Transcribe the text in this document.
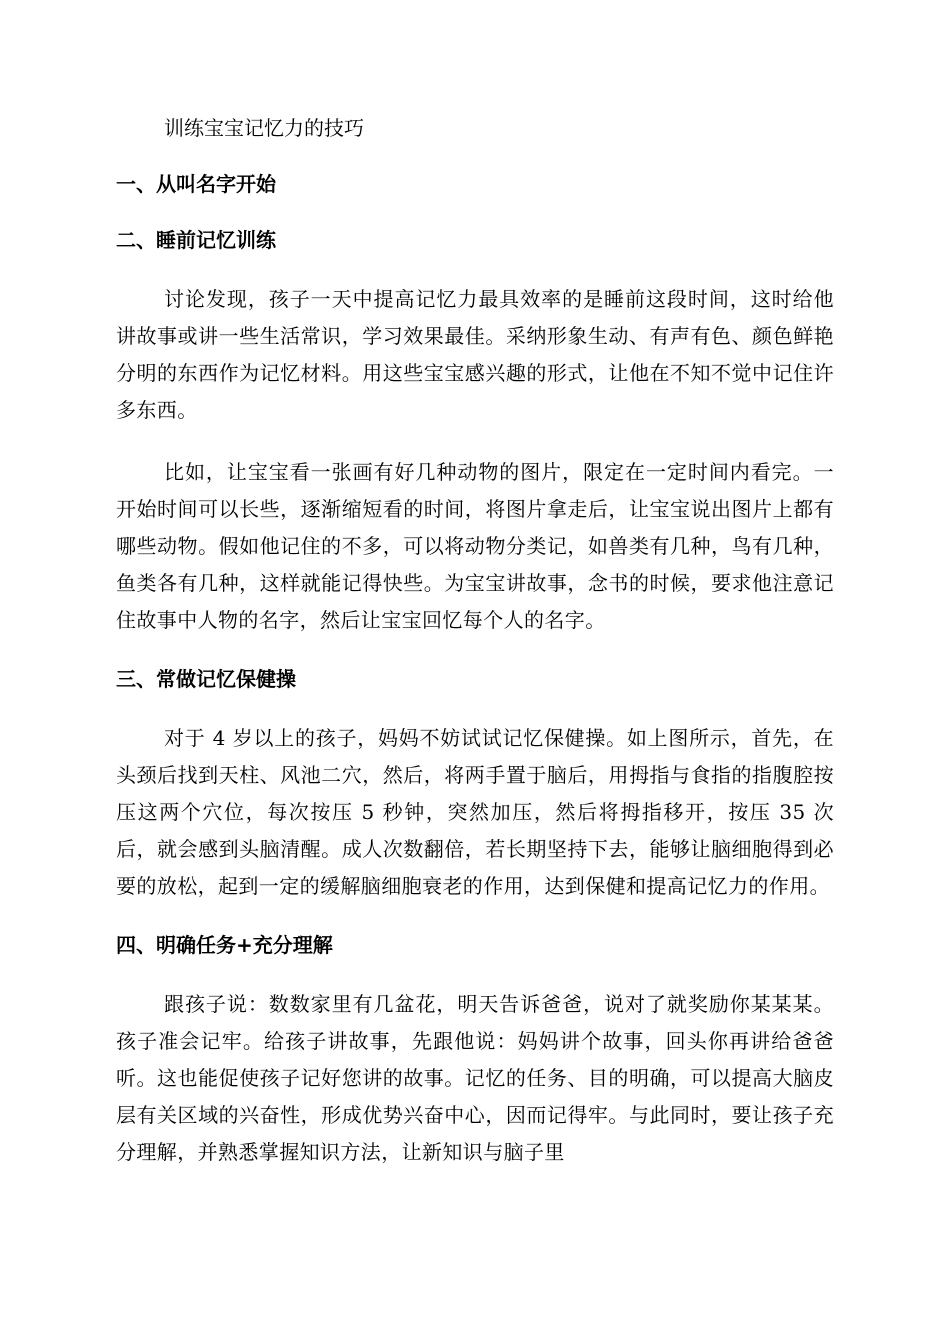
训练宝宝记忆力的技巧

一、从叫名字开始

二、睡前记忆训练

讨论发现，孩子一天中提高记忆力最具效率的是睡前这段时间，这时给他讲故事或讲一些生活常识，学习效果最佳。采纳形象生动、有声有色、颜色鲜艳分明的东西作为记忆材料。用这些宝宝感兴趣的形式，让他在不知不觉中记住许多东西。

比如，让宝宝看一张画有好几种动物的图片，限定在一定时间内看完。一开始时间可以长些，逐渐缩短看的时间，将图片拿走后，让宝宝说出图片上都有哪些动物。假如他记住的不多，可以将动物分类记，如兽类有几种，鸟有几种，鱼类各有几种，这样就能记得快些。为宝宝讲故事，念书的时候，要求他注意记住故事中人物的名字，然后让宝宝回忆每个人的名字。

三、常做记忆保健操

对于 4 岁以上的孩子，妈妈不妨试试记忆保健操。如上图所示，首先，在头颈后找到天柱、风池二穴，然后，将两手置于脑后，用拇指与食指的指腹腔按压这两个穴位，每次按压 5 秒钟，突然加压，然后将拇指移开，按压 35 次后，就会感到头脑清醒。成人次数翻倍，若长期坚持下去，能够让脑细胞得到必要的放松，起到一定的缓解脑细胞衰老的作用，达到保健和提高记忆力的作用。

四、明确任务+充分理解

跟孩子说：数数家里有几盆花，明天告诉爸爸，说对了就奖励你某某某。孩子准会记牢。给孩子讲故事，先跟他说：妈妈讲个故事，回头你再讲给爸爸听。这也能促使孩子记好您讲的故事。记忆的任务、目的明确，可以提高大脑皮层有关区域的兴奋性，形成优势兴奋中心，因而记得牢。与此同时，要让孩子充分理解，并熟悉掌握知识方法，让新知识与脑子里
